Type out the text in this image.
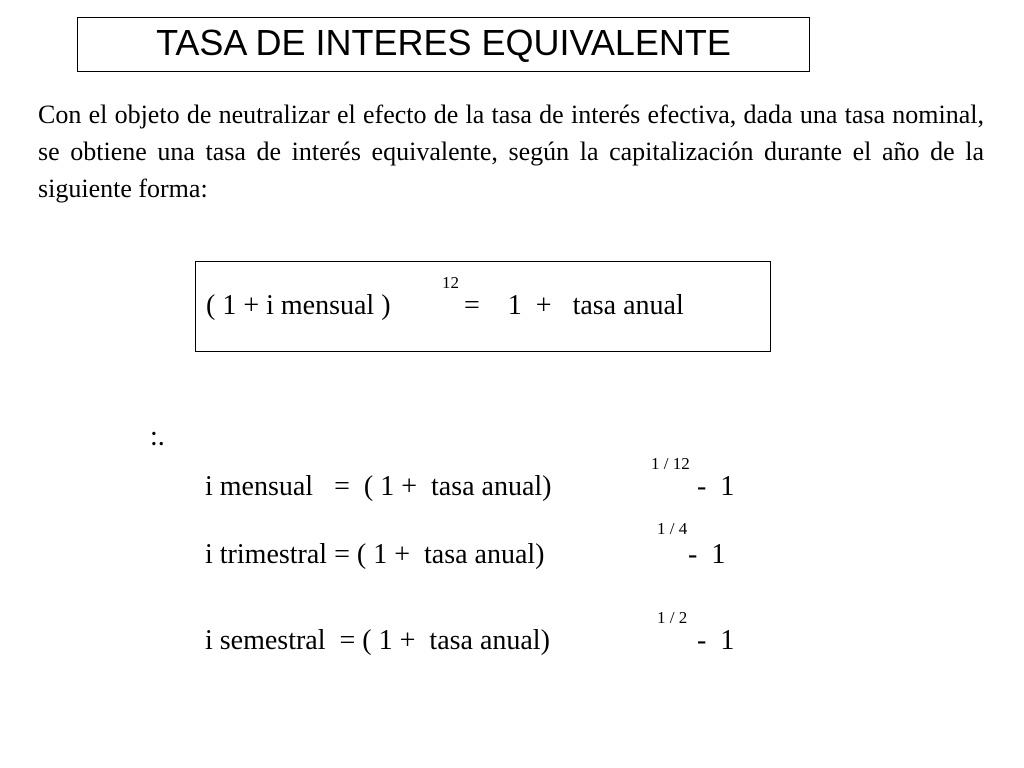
TASA DE INTERES EQUIVALENTE

Con el objeto de neutralizar el efecto de la tasa de interés efectiva, dada una tasa nominal, se obtiene una tasa de interés equivalente, según la capitalización durante el año de la siguiente forma:

( 1 + i mensual )
12
=    1  +   tasa anual
:.
1 / 12
i mensual   =  ( 1 +  tasa anual)	-  1
1 / 4
i trimestral = ( 1 +  tasa anual)	-  1
1 / 2
i semestral  = ( 1 +  tasa anual)	-  1
